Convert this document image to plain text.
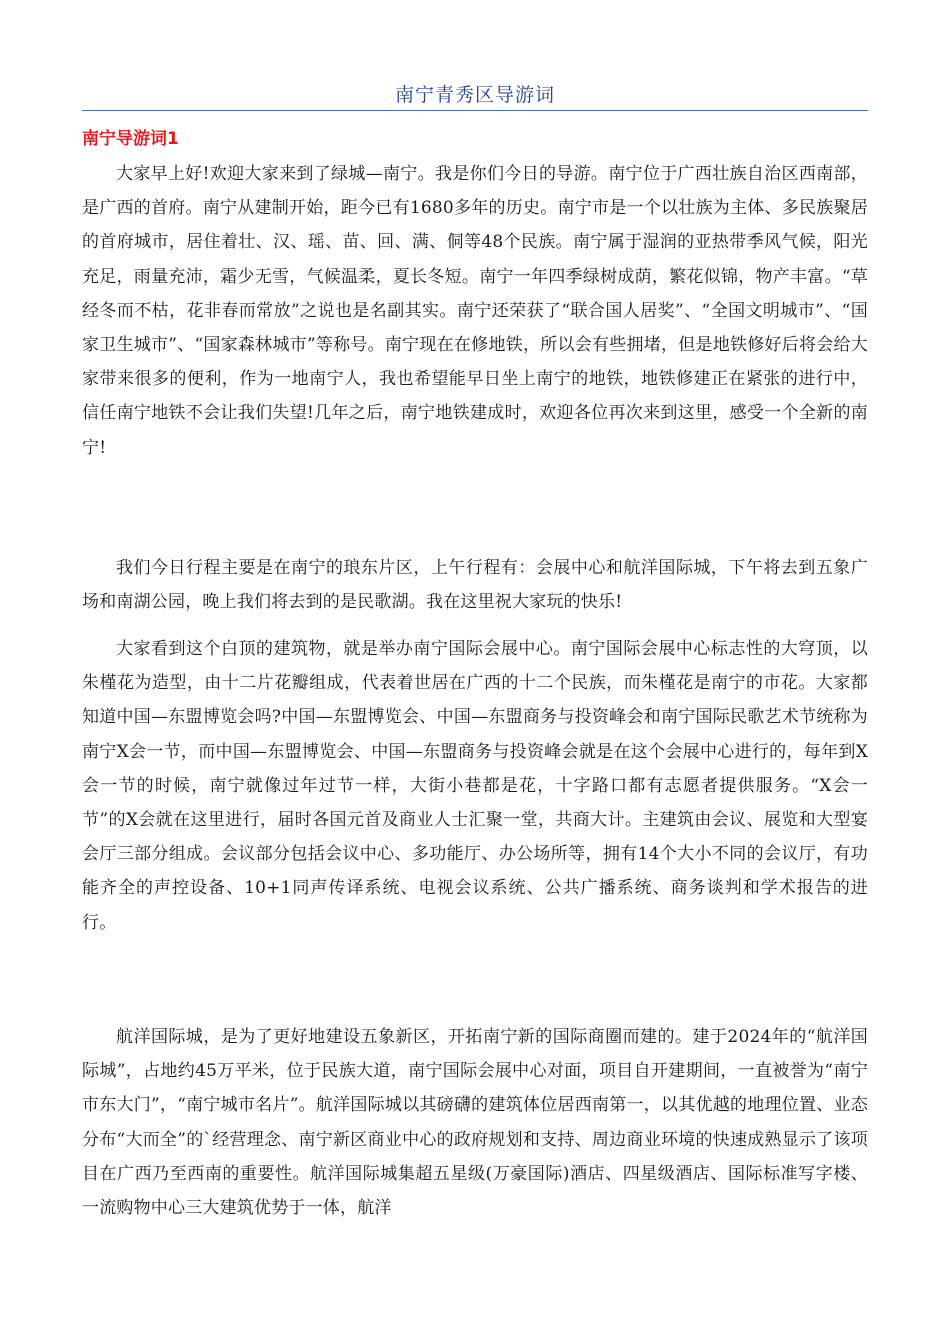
南宁青秀区导游词
南宁导游词1

大家早上好!欢迎大家来到了绿城—南宁。我是你们今日的导游。南宁位于广西壮族自治区西南部，是广西的首府。南宁从建制开始，距今已有1680多年的历史。南宁市是一个以壮族为主体、多民族聚居的首府城市，居住着壮、汉、瑶、苗、回、满、侗等48个民族。南宁属于湿润的亚热带季风气候，阳光充足，雨量充沛，霜少无雪，气候温柔，夏长冬短。南宁一年四季绿树成荫，繁花似锦，物产丰富。“草经冬而不枯，花非春而常放”之说也是名副其实。南宁还荣获了“联合国人居奖”、“全国文明城市”、“国家卫生城市”、“国家森林城市”等称号。南宁现在在修地铁，所以会有些拥堵，但是地铁修好后将会给大家带来很多的便利，作为一地南宁人，我也希望能早日坐上南宁的地铁，地铁修建正在紧张的进行中，信任南宁地铁不会让我们失望!几年之后，南宁地铁建成时，欢迎各位再次来到这里，感受一个全新的南宁!

我们今日行程主要是在南宁的琅东片区，上午行程有：会展中心和航洋国际城，下午将去到五象广场和南湖公园，晚上我们将去到的是民歌湖。我在这里祝大家玩的快乐!

大家看到这个白顶的建筑物，就是举办南宁国际会展中心。南宁国际会展中心标志性的大穹顶，以朱槿花为造型，由十二片花瓣组成，代表着世居在广西的十二个民族，而朱槿花是南宁的市花。大家都知道中国—东盟博览会吗?中国—东盟博览会、中国—东盟商务与投资峰会和南宁国际民歌艺术节统称为南宁X会一节，而中国—东盟博览会、中国—东盟商务与投资峰会就是在这个会展中心进行的，每年到X会一节的时候，南宁就像过年过节一样，大街小巷都是花，十字路口都有志愿者提供服务。“X会一节”的X会就在这里进行，届时各国元首及商业人士汇聚一堂，共商大计。主建筑由会议、展览和大型宴会厅三部分组成。会议部分包括会议中心、多功能厅、办公场所等，拥有14个大小不同的会议厅，有功能齐全的声控设备、10+1同声传译系统、电视会议系统、公共广播系统、商务谈判和学术报告的进行。

航洋国际城，是为了更好地建设五象新区，开拓南宁新的国际商圈而建的。建于2024年的“航洋国际城”，占地约45万平米，位于民族大道，南宁国际会展中心对面，项目自开建期间，一直被誉为“南宁市东大门”，“南宁城市名片”。航洋国际城以其磅礴的建筑体位居西南第一，以其优越的地理位置、业态分布“大而全”的`经营理念、南宁新区商业中心的政府规划和支持、周边商业环境的快速成熟显示了该项目在广西乃至西南的重要性。航洋国际城集超五星级(万豪国际)酒店、四星级酒店、国际标准写字楼、一流购物中心三大建筑优势于一体，航洋
